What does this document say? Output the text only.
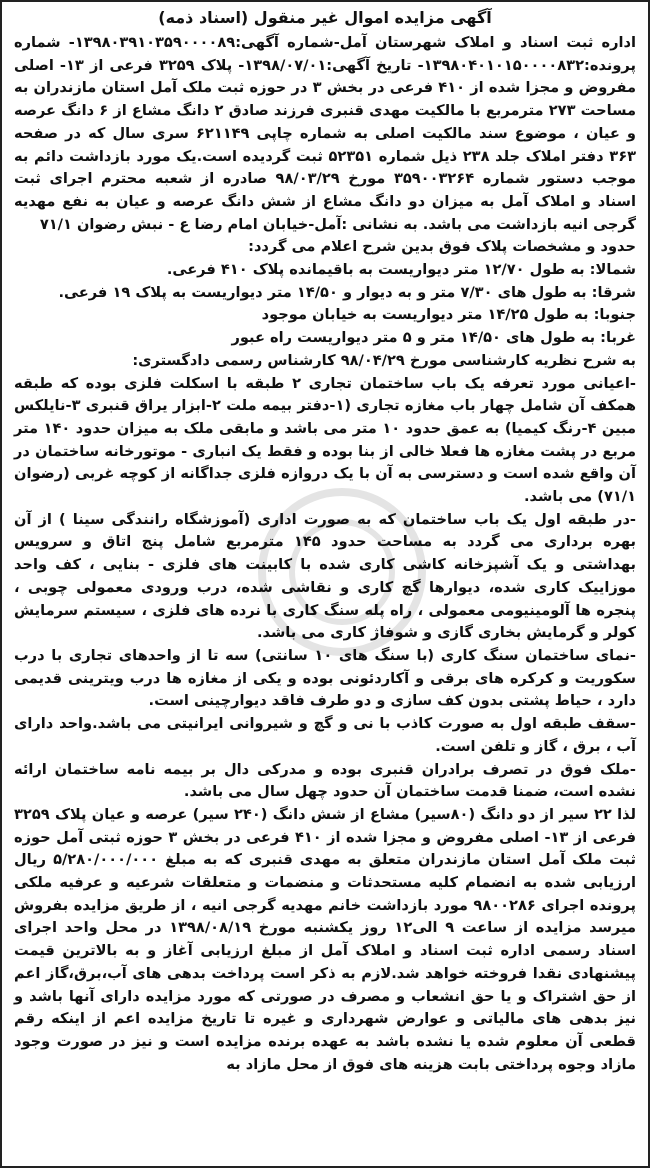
آگهی مزایده اموال غیر منقول (اسناد ذمه)

اداره ثبت اسناد و املاک شهرستان آمل-شماره آگهی:۱۳۹۸۰۳۹۱۰۳۵۹۰۰۰۰۸۹- شماره پرونده:۱۳۹۸۰۴۰۱۰۱۵۰۰۰۰۸۳۲- تاریخ آگهی:۱۳۹۸/۰۷/۰۱- پلاک ۳۲۵۹ فرعی از ۱۳- اصلی مفروض و مجزا شده از ۴۱۰ فرعی در بخش ۳ در حوزه ثبت ملک آمل استان مازندران به مساحت ۲۷۳ مترمربع با مالکیت مهدی قنبری فرزند صادق ۲ دانگ مشاع از ۶ دانگ عرصه و عیان ، موضوع سند مالکیت اصلی به شماره چاپی ۶۲۱۱۴۹ سری سال که در صفحه ۳۶۳ دفتر املاک جلد ۲۳۸ ذیل شماره ۵۲۳۵۱ ثبت گردیده است.یک مورد بازداشت دائم به موجب دستور شماره ۳۵۹۰۰۳۲۶۴ مورخ ۹۸/۰۳/۲۹ صادره از شعبه محترم اجرای ثبت اسناد و املاک آمل به میزان دو دانگ مشاع از شش دانگ عرصه و عیان به نفع مهدیه گرجی انیه بازداشت می باشد. به نشانی :آمل-خیابان امام رضا ع - نبش رضوان ۷۱/۱

حدود و مشخصات پلاک فوق بدین شرح اعلام می گردد:

شمالا: به طول ۱۲/۷۰ متر دیواریست به باقیمانده پلاک ۴۱۰ فرعی.

شرقا: به طول های ۷/۳۰ متر و به دیوار و ۱۴/۵۰ متر دیواریست به پلاک ۱۹ فرعی.

جنوبا: به طول ۱۴/۲۵ متر دیواریست به خیابان موجود

غربا: به طول های ۱۴/۵۰ متر و ۵ متر دیواریست راه عبور

به شرح نظریه کارشناسی مورخ ۹۸/۰۴/۲۹ کارشناس رسمی دادگستری:

-اعیانی مورد تعرفه یک باب ساختمان تجاری ۲ طبقه با اسکلت فلزی بوده که طبقه همکف آن شامل چهار باب مغازه تجاری (۱-دفتر بیمه ملت ۲-ابزار یراق قنبری ۳-نایلکس مبین ۴-رنگ کیمیا) به عمق حدود ۱۰ متر می باشد و مابقی ملک به میزان حدود ۱۴۰ متر مربع در پشت مغازه ها فعلا خالی از بنا بوده و فقط یک انباری - موتورخانه ساختمان در آن واقع شده است و دسترسی به آن با یک دروازه فلزی جداگانه از کوچه غربی (رضوان ۷۱/۱) می باشد.

-در طبقه اول یک باب ساختمان که به صورت اداری (آموزشگاه رانندگی سینا ) از آن بهره برداری می گردد به مساحت حدود ۱۴۵ مترمربع شامل پنج اتاق و سرویس بهداشتی و یک آشپزخانه کاشی کاری شده با کابینت های فلزی - بنایی ، کف واحد موزاییک کاری شده، دیوارها گچ کاری و نقاشی شده، درب ورودی معمولی چوبی ، پنجره ها آلومینیومی معمولی ، راه پله سنگ کاری با نرده های فلزی ، سیستم سرمایش کولر و گرمایش بخاری گازی و شوفاژ کاری می باشد.

-نمای ساختمان سنگ کاری (با سنگ های ۱۰ سانتی) سه تا از واحدهای تجاری با درب سکوریت و کرکره های برقی و آکاردئونی بوده و یکی از مغازه ها درب ویترینی قدیمی دارد ، حیاط پشتی بدون کف سازی و دو طرف فاقد دیوارچینی است.

-سقف طبقه اول به صورت کاذب با نی و گچ و شیروانی ایرانیتی می باشد.واحد دارای آب ، برق ، گاز و تلفن است.

-ملک فوق در تصرف برادران قنبری بوده و مدرکی دال بر بیمه نامه ساختمان ارائه نشده است، ضمنا قدمت ساختمان آن حدود چهل سال می باشد.

لذا ۲۲ سیر از دو دانگ (۸۰سیر) مشاع از شش دانگ (۲۴۰ سیر) عرصه و عیان پلاک ۳۲۵۹ فرعی از ۱۳- اصلی مفروض و مجزا شده از ۴۱۰ فرعی در بخش ۳ حوزه ثبتی آمل حوزه ثبت ملک آمل استان مازندران متعلق به مهدی قنبری که به مبلغ ۵/۲۸۰/۰۰۰/۰۰۰ ریال ارزیابی شده به انضمام کلیه مستحدثات و منضمات و متعلقات شرعیه و عرفیه ملکی پرونده اجرای ۹۸۰۰۲۸۶ مورد بازداشت خانم مهدیه گرجی انیه ، از طریق مزایده بفروش میرسد مزایده از ساعت ۹ الی۱۲ روز یکشنبه مورخ ۱۳۹۸/۰۸/۱۹ در محل واحد اجرای اسناد رسمی اداره ثبت اسناد و املاک آمل از مبلغ ارزیابی آغاز و به بالاترین قیمت پیشنهادی نقدا فروخته خواهد شد.لازم به ذکر است پرداخت بدهی های آب،برق،گاز اعم از حق اشتراک و یا حق انشعاب و مصرف در صورتی که مورد مزایده دارای آنها باشد و نیز بدهی های مالیاتی و عوارض شهرداری و غیره تا تاریخ مزایده اعم از اینکه رقم قطعی آن معلوم شده یا نشده باشد به عهده برنده مزایده است و نیز در صورت وجود مازاد وجوه پرداختی بابت هزینه های فوق از محل مازاد به
